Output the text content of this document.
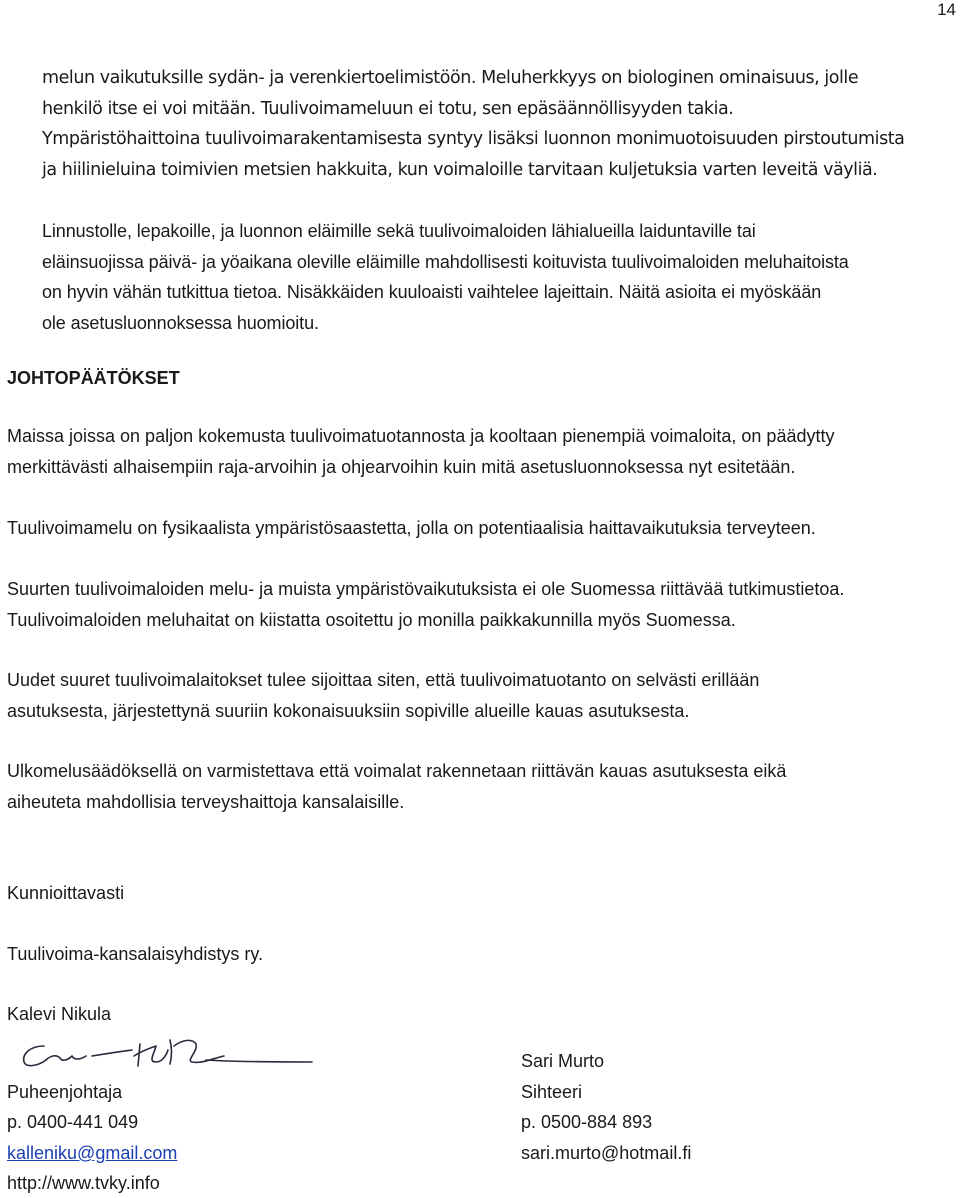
14
melun vaikutuksille sydän- ja verenkiertoelimistöön. Meluherkkyys on biologinen ominaisuus, jolle
henkilö itse ei voi mitään. Tuulivoimameluun ei totu, sen epäsäännöllisyyden takia.
Ympäristöhaittoina tuulivoimarakentamisesta syntyy lisäksi luonnon monimuotoisuuden pirstoutumista
ja hiilinieluina toimivien metsien hakkuita, kun voimaloille tarvitaan kuljetuksia varten leveitä väyliä.
Linnustolle, lepakoille, ja luonnon eläimille sekä tuulivoimaloiden lähialueilla laiduntaville tai
eläinsuojissa päivä- ja yöaikana oleville eläimille mahdollisesti koituvista tuulivoimaloiden meluhaitoista
on hyvin vähän tutkittua tietoa. Nisäkkäiden kuuloaisti vaihtelee lajeittain. Näitä asioita ei myöskään
ole asetusluonnoksessa huomioitu.
JOHTOPÄÄTÖKSET
Maissa joissa on paljon kokemusta tuulivoimatuotannosta ja kooltaan pienempiä voimaloita, on päädytty
merkittävästi alhaisempiin raja-arvoihin ja ohjearvoihin kuin mitä asetusluonnoksessa nyt esitetään.
Tuulivoimamelu on fysikaalista ympäristösaastetta, jolla on potentiaalisia haittavaikutuksia terveyteen.
Suurten tuulivoimaloiden melu- ja muista ympäristövaikutuksista ei ole Suomessa riittävää tutkimustietoa.
Tuulivoimaloiden meluhaitat on kiistatta osoitettu jo monilla paikkakunnilla myös Suomessa.
Uudet suuret tuulivoimalaitokset tulee sijoittaa siten, että tuulivoimatuotanto on selvästi erillään
asutuksesta, järjestettynä suuriin kokonaisuuksiin sopiville alueille kauas asutuksesta.
Ulkomelusäädöksellä on varmistettava että voimalat rakennetaan riittävän kauas asutuksesta eikä
aiheuteta mahdollisia terveyshaittoja kansalaisille.

Kunnioittavasti

Tuulivoima-kansalaisyhdistys ry.

Kalevi Nikula

Puheenjohtaja

p. 0400-441 049

kalleniku@gmail.com

http://www.tvky.info

Sari Murto

Sihteeri

p. 0500-884 893

sari.murto@hotmail.fi
